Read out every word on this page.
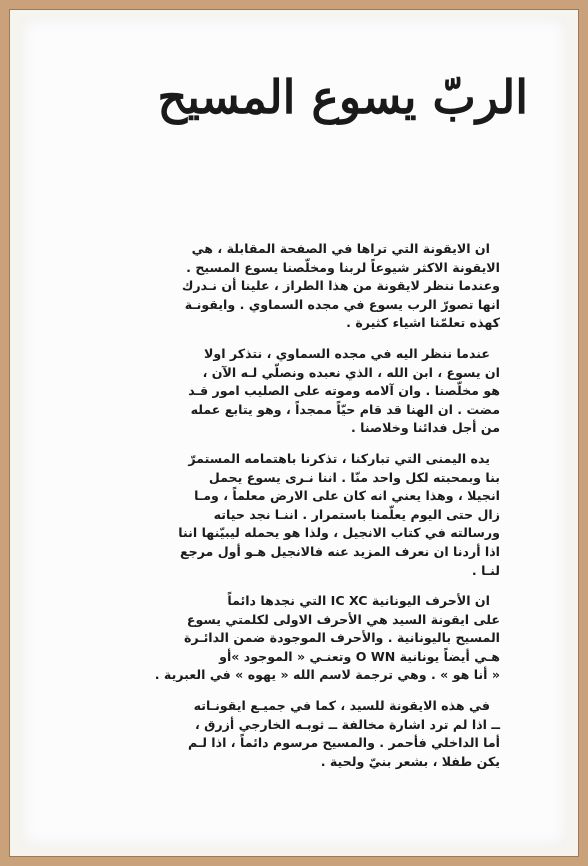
الربّ يسوع المسيح
ان الايقونة التي تراها في الصفحة المقابلة ، هي
الايقونة الاكثر شيوعاً لربنا ومخلّصنا يسوع المسيح .
وعندما ننظر لايقونة من هذا الطراز ، علينا أن نـدرك
انها تصورّ الرب يسوع في مجده السماوي . وايقونـة
كهذه تعلمّنا اشياء كثيرة .
عندما ننظر اليه في مجده السماوي ، نتذكر اولا
ان يسوع ، ابن الله ، الذي نعبده ونصلّي لـه الآن ،
هو مخلّصنا . وان آلامه وموته على الصليب امور قـد
مضت . ان الهنا قد قام حيّاً ممجداً ، وهو يتابع عمله
من أجل فدائنا وخلاصنا .
يده اليمنى التي تباركنا ، تذكرنا باهتمامه المستمرّ
بنا وبمحبته لكل واحد منّا . اننا نـرى يسوع يحمل
انجيلا ، وهذا يعني انه كان على الارض معلماً ، ومـا
زال حتى اليوم يعلّمنا باستمرار . اننـا نجد حياته
ورسالته في كتاب الانجيل ، ولذا هو يحمله ليبيّنها اننا
اذا أردنا ان نعرف المزيد عنه فالانجيل هـو أول مرجع
لنـا .
ان الأحرف اليونانية IC XC التي نجدها دائماً
على ايقونة السيد هي الأحرف الاولى لكلمتي يسوع
المسيح باليونانية . والأحرف الموجودة ضمن الدائـرة
هـي أيضاً يونانية O WN وتعنـي « الموجود »أو
« أنا هو » . وهي ترجمة لاسم الله « يهوه » في العبرية .
في هذه الايقونة للسيد ، كما في جميـع ايقونـاته
ــ اذا لم ترد اشارة مخالفة ــ ثوبـه الخارجي أزرق ،
أما الداخلي فأحمر . والمسيح مرسوم دائماً ، اذا لـم
يكن طفلا ، بشعر بنيّ ولحية .
